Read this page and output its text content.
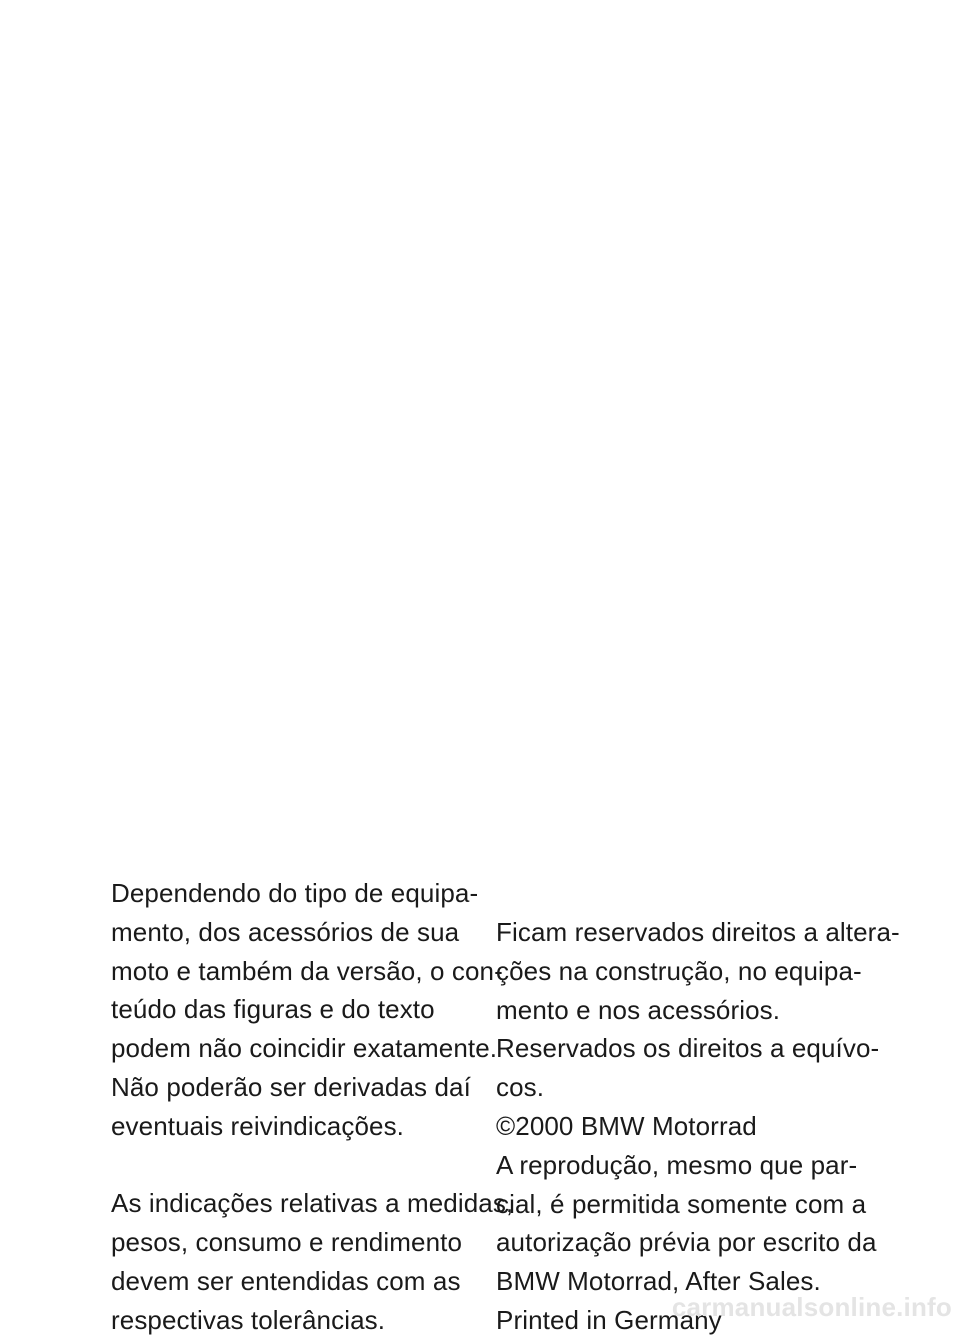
Dependendo do tipo de equipa-
mento, dos acessórios de sua
moto e também da versão, o con-
teúdo das figuras e do texto
podem não coincidir exatamente.
Não poderão ser derivadas daí
eventuais reivindicações.

As indicações relativas a medidas,
pesos, consumo e rendimento
devem ser entendidas com as
respectivas tolerâncias.

Ficam reservados direitos a altera-
ções na construção, no equipa-
mento e nos acessórios.
Reservados os direitos a equívo-
cos.
©2000 BMW Motorrad
A reprodução, mesmo que par-
cial, é permitida somente com a
autorização prévia por escrito da
BMW Motorrad, After Sales.
Printed in Germany

carmanualsonline.info
